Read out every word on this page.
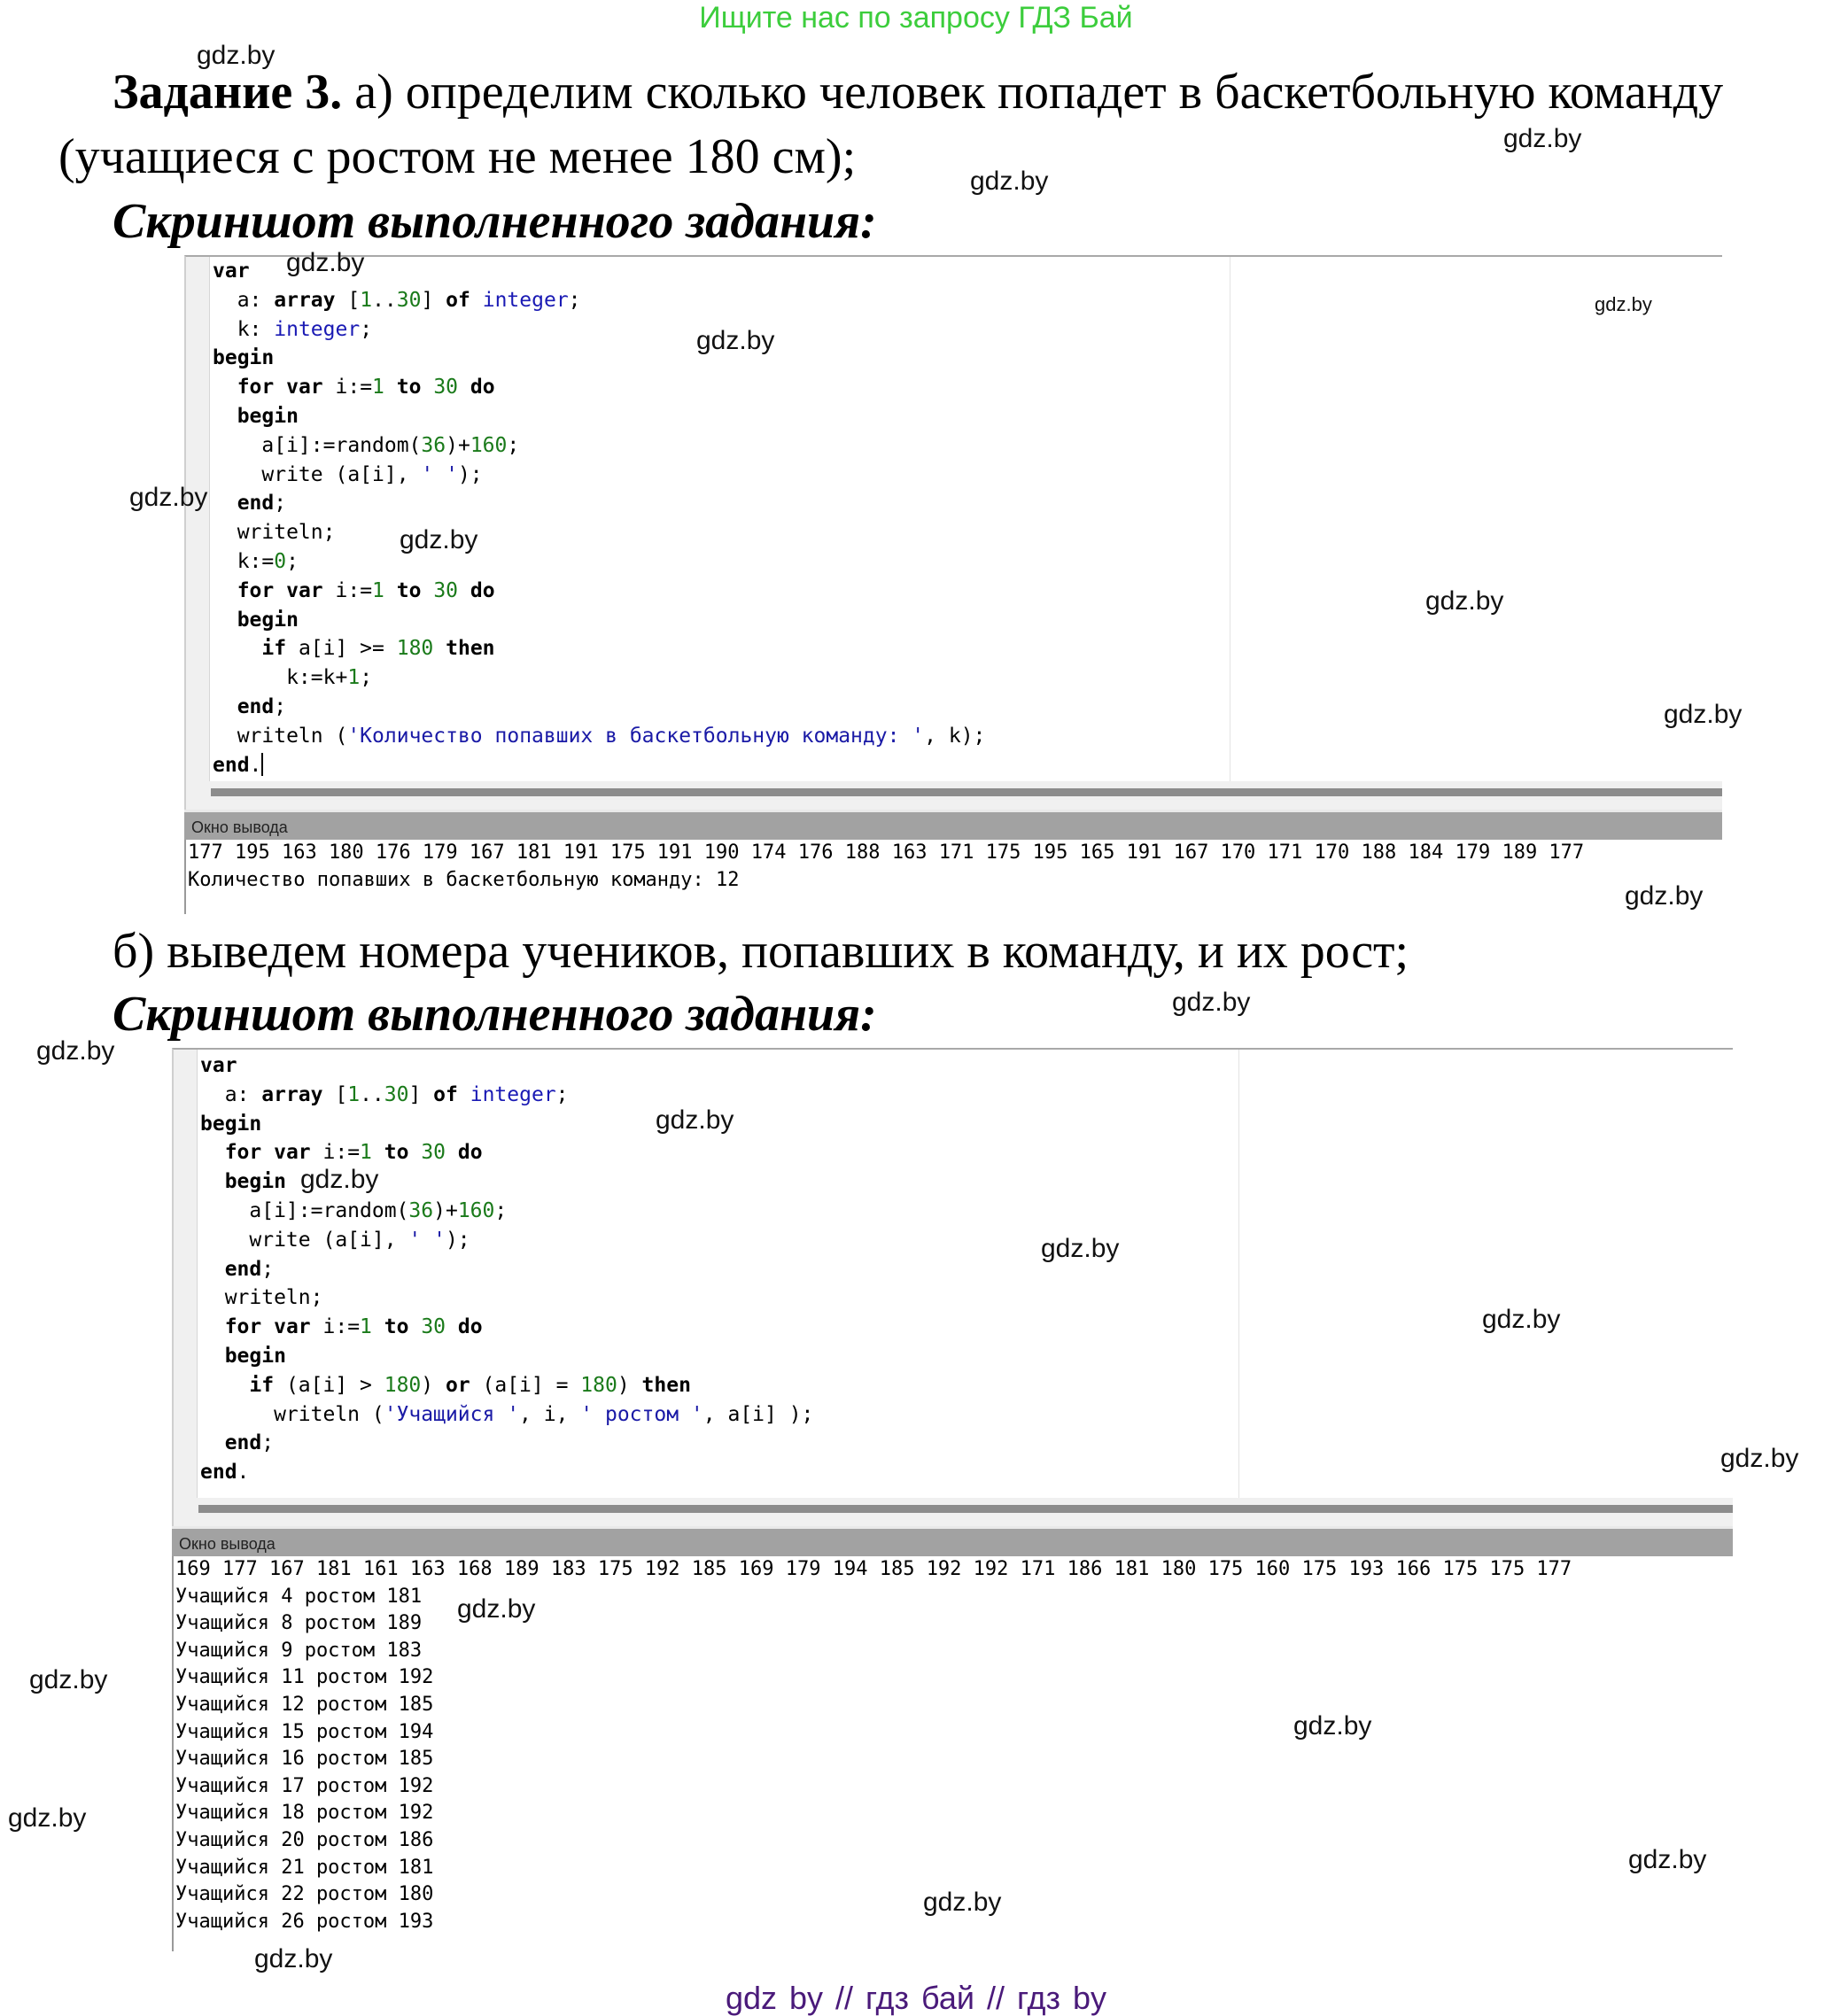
Ищите нас по запросу ГДЗ Бай
Задание 3. а) определим сколько человек попадет в баскетбольную команду
(учащиеся с ростом не менее 180 см);
Скриншот выполненного задания:
var
a: array [1..30] of integer;
k: integer;
begin
for var i:=1 to 30 do
begin
a[i]:=random(36)+160;
write (a[i], ' ');
end;
writeln;
k:=0;
for var i:=1 to 30 do
begin
if a[i] >= 180 then
k:=k+1;
end;
writeln ('Количество попавших в баскетбольную команду: ', k);
end.
Окно вывода
177 195 163 180 176 179 167 181 191 175 191 190 174 176 188 163 171 175 195 165 191 167 170 171 170 188 184 179 189 177
Количество попавших в баскетбольную команду: 12
б) выведем номера учеников, попавших в команду, и их рост;
Скриншот выполненного задания:
var
a: array [1..30] of integer;
begin
for var i:=1 to 30 do
begin
a[i]:=random(36)+160;
write (a[i], ' ');
end;
writeln;
for var i:=1 to 30 do
begin
if (a[i] > 180) or (a[i] = 180) then
writeln ('Учащийся ', i, ' ростом ', a[i] );
end;
end.
Окно вывода
169 177 167 181 161 163 168 189 183 175 192 185 169 179 194 185 192 192 171 186 181 180 175 160 175 193 166 175 175 177
Учащийся 4 ростом 181
Учащийся 8 ростом 189
Учащийся 9 ростом 183
Учащийся 11 ростом 192
Учащийся 12 ростом 185
Учащийся 15 ростом 194
Учащийся 16 ростом 185
Учащийся 17 ростом 192
Учащийся 18 ростом 192
Учащийся 20 ростом 186
Учащийся 21 ростом 181
Учащийся 22 ростом 180
Учащийся 26 ростом 193
gdz.by
gdz.by
gdz.by
gdz.by
gdz.by
gdz.by
gdz.by
gdz.by
gdz.by
gdz.by
gdz.by
gdz.by
gdz.by
gdz.by
gdz.by
gdz.by
gdz.by
gdz.by
gdz.by
gdz.by
gdz.by
gdz.by
gdz.by
gdz.by
gdz.by
gdz by // гдз бай // гдз by
